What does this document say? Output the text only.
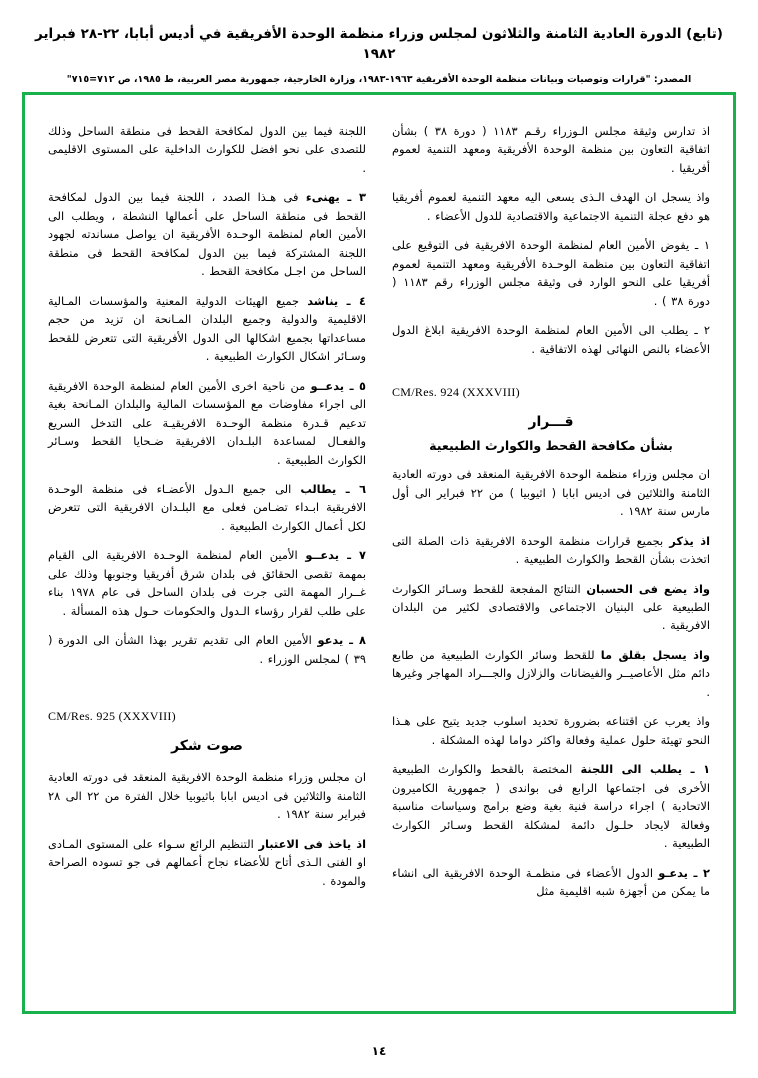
(تابع) الدورة العادية الثامنة والثلاثون لمجلس وزراء منظمة الوحدة الأفريقية في أديس أبابا، ٢٢-٢٨ فبراير ١٩٨٢
المصدر: "قرارات وتوصيات وبيانات منظمة الوحدة الأفريقية ١٩٦٣-١٩٨٣، وزارة الخارجية، جمهورية مصر العربية، ط ١٩٨٥، ص ٧١٢=٧١٥"
اذ تدارس وثيقة مجلس الـوزراء رقـم ١١٨٣ ( دورة ٣٨ ) بشأن اتفاقية التعاون بين منظمة الوحدة الأفريقية ومعهد التنمية لعموم أفريقيا .
واذ يسجل ان الهدف الـذى يسعى اليه معهد التنمية لعموم أفريقيا هو دفع عجلة التنمية الاجتماعية والاقتصادية للدول الأعضاء .
١ ـ يفوض الأمين العام لمنظمة الوحدة الافريقية فى التوقيع على اتفاقية التعاون بين منظمة الوحـدة الأفريقية ومعهد التنمية لعموم أفريقيا على النحو الوارد فى وثيقة مجلس الوزراء رقم ١١٨٣ ( دورة ٣٨ ) .
٢ ـ يطلب الى الأمين العام لمنظمة الوحدة الافريقية ابلاغ الدول الأعضاء بالنص النهائى لهذه الاتفاقية .
CM/Res. 924 (XXXVIII)
قـــرار
بشأن مكافحة القحط والكوارث الطبيعية
ان مجلس وزراء منظمة الوحدة الافريقية المنعقد فى دورته العادية الثامنة والثلاثين فى اديس ابابا ( اثيوبيا ) من ٢٢ فبراير الى أول مارس سنة ١٩٨٢ .
اذ يذكر بجميع قرارات منظمة الوحدة الافريقية ذات الصلة التى اتخذت بشأن القحط والكوارث الطبيعية .
واذ يضع فى الحسبان النتائج المفجعة للقحط وسـائر الكوارث الطبيعية على البنيان الاجتماعى والاقتصادى لكثير من البلدان الافريقية .
واذ يسجل بقلق ما للقحط وسائر الكوارث الطبيعية من طابع دائم مثل الأعاصيــر والفيضانات والزلازل والجـــراد المهاجر وغيرها .
واذ يعرب عن اقتناعه بضرورة تحديد اسلوب جديد يتيح على هـذا النحو تهيئة حلول عملية وفعالة واكثر دواما لهذه المشكلة .
١ ـ يطلب الى اللجنة المختصة بالقحط والكوارث الطبيعية الأخرى فى اجتماعها الرابع فى بواندى ( جمهورية الكاميرون الاتحادية ) اجراء دراسة فنية بغية وضع برامج وسياسات مناسبة وفعالة لايجاد حلـول دائمة لمشكلة القحط وسـائر الكوارث الطبيعية .
٢ ـ يدعـو الدول الأعضاء فى منظمـة الوحدة الافريقية الى انشاء ما يمكن من أجهزة شبه اقليمية مثل
اللجنة فيما بين الدول لمكافحة القحط فى منطقة الساحل وذلك للتصدى على نحو افضل للكوارث الداخلية على المستوى الاقليمى .
٣ ـ يهنىء فى هـذا الصدد ، اللجنة فيما بين الدول لمكافحة القحط فى منطقة الساحل على أعمالها النشطة ، ويطلب الى الأمين العام لمنظمة الوحـدة الأفريقية ان يواصل مساندته لجهود اللجنة المشتركة فيما بين الدول لمكافحة القحط فى منطقة الساحل من اجـل مكافحة القحط .
٤ ـ يناشد جميع الهيئات الدولية المعنية والمؤسسات المـالية الاقليمية والدولية وجميع البلدان المـانحة ان تزيد من حجم مساعداتها بجميع اشكالها الى الدول الأفريقية التى تتعرض للقحط وسـائر اشكال الكوارث الطبيعية .
٥ ـ يدعــو من ناحية اخرى الأمين العام لمنظمة الوحدة الافريقية الى اجراء مفاوضات مع المؤسسات المالية والبلدان المـانحة بغية تدعيم قـدرة منظمة الوحـدة الافريقيـة على التدخل السريع والفعـال لمساعدة البلـدان الافريقية ضـحايا القحط وسـائر الكوارث الطبيعية .
٦ ـ يطالب الى جميع الـدول الأعضـاء فى منظمة الوحـدة الافريقية ابـداء تضـامن فعلى مع البلـدان الافريقية التى تتعرض لكل أعمال الكوارث الطبيعية .
٧ ـ يدعــو الأمين العام لمنظمة الوحـدة الافريقية الى القيام بمهمة تقصى الحقائق فى بلدان شرق أفريقيا وجنوبها وذلك على غــرار المهمة التى جرت فى بلدان الساحل فى عام ١٩٧٨ بناء على طلب لقرار رؤساء الـدول والحكومات حـول هذه المسألة .
٨ ـ يدعو الأمين العام الى تقديم تقرير بهذا الشأن الى الدورة ( ٣٩ ) لمجلس الوزراء .
CM/Res. 925 (XXXVIII)
صوت شكر
ان مجلس وزراء منظمة الوحدة الافريقية المنعقد فى دورته العادية الثامنة والثلاثين فى اديس ابابا باثيوبيا خلال الفترة من ٢٢ الى ٢٨ فبراير سنة ١٩٨٢ .
اذ ياخذ فى الاعتبار التنظيم الرائع سـواء على المستوى المـادى او الفنى الـذى أتاح للأعضاء نجاح أعمالهم فى جو تسوده الصراحة والمودة .
١٤
